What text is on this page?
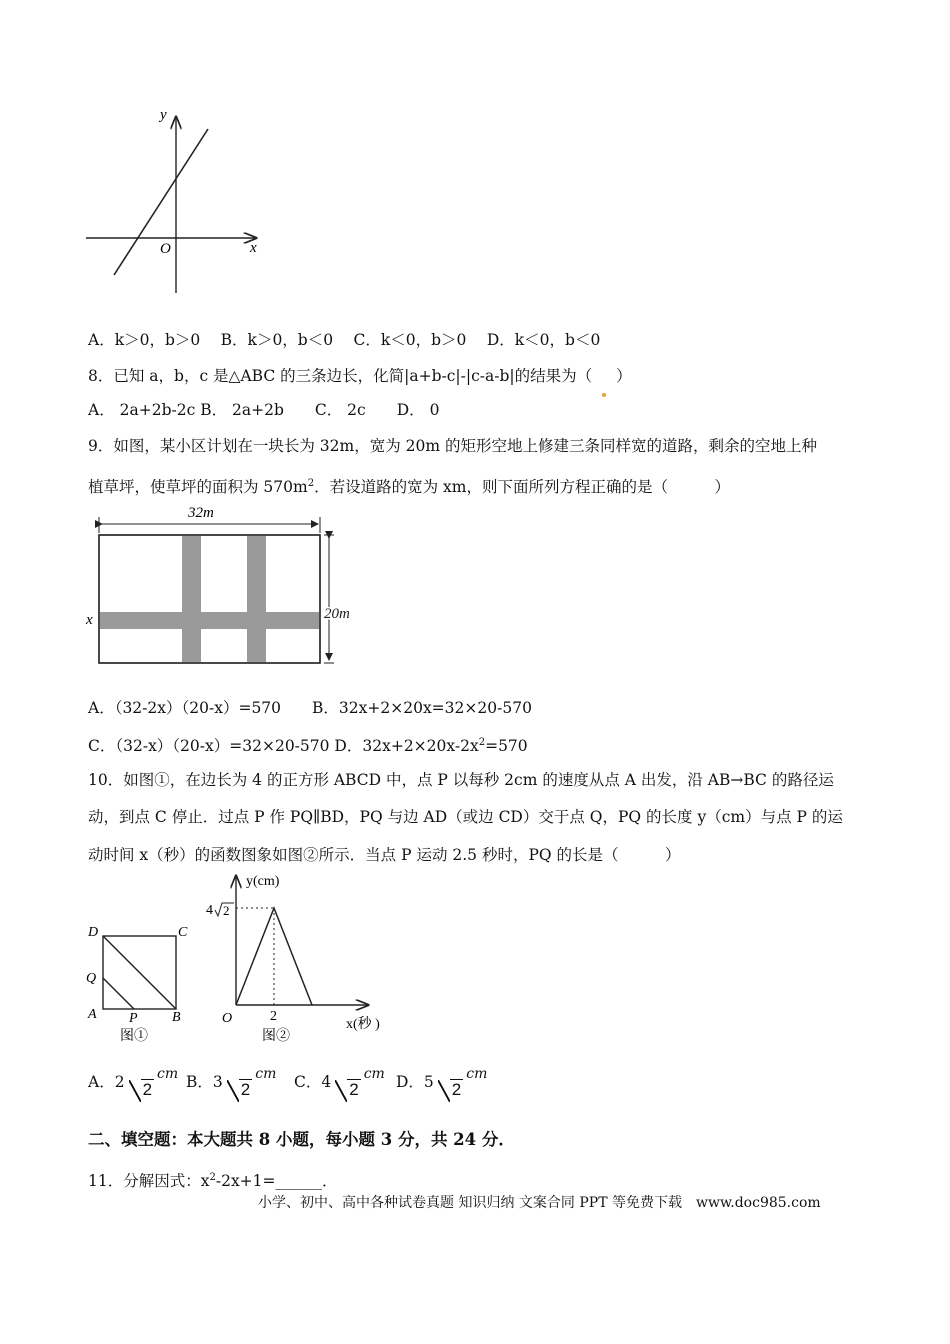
y
x
O
A．k＞0，b＞0　 B．k＞0，b＜0　 C．k＜0，b＞0　 D．k＜0，b＜0
8．已知 a，b，c 是△ABC 的三条边长，化简|a+b-c|-|c-a-b|的结果为（ ）
A． 2a+2b-2c B． 2a+2b　　C． 2c　　D． 0
9．如图，某小区计划在一块长为 32m，宽为 20m 的矩形空地上修建三条同样宽的道路，剩余的空地上种
植草坪，使草坪的面积为 $570m^2$．若设道路的宽为 xm，则下面所列方程正确的是（　　　）
32m
20m
x
A．（32-2x）（20-x）=570　　B．32x+2×20x=32×20-570
C．（32-x）（20-x）=32×20-570 D．$32x+2\times 20x-2x^2=570$
10．如图①，在边长为 4 的正方形 ABCD 中，点 P 以每秒 2cm 的速度从点 A 出发，沿 AB→BC 的路径运
动，到点 C 停止．过点 P 作 PQ∥BD，PQ 与边 AD（或边 CD）交于点 Q，PQ 的长度 y（cm）与点 P 的运
动时间 x（秒）的函数图象如图②所示．当点 P 运动 2.5 秒时，PQ 的长是（　　　）
D	C
Q
A P B
图①
y(cm)
4 2
O	2
x(秒 )
图②
A．2 2cm B．3 2cm C．4 2cm D．5 2cm
二、填空题：本大题共 8 小题，每小题 3 分，共 24 分．
11．分解因式：$x^2-2x+1=\_\_\_\_\_\_$．
小学、初中、高中各种试卷真题 知识归纳 文案合同 PPT 等免费下载　www.doc985.com
